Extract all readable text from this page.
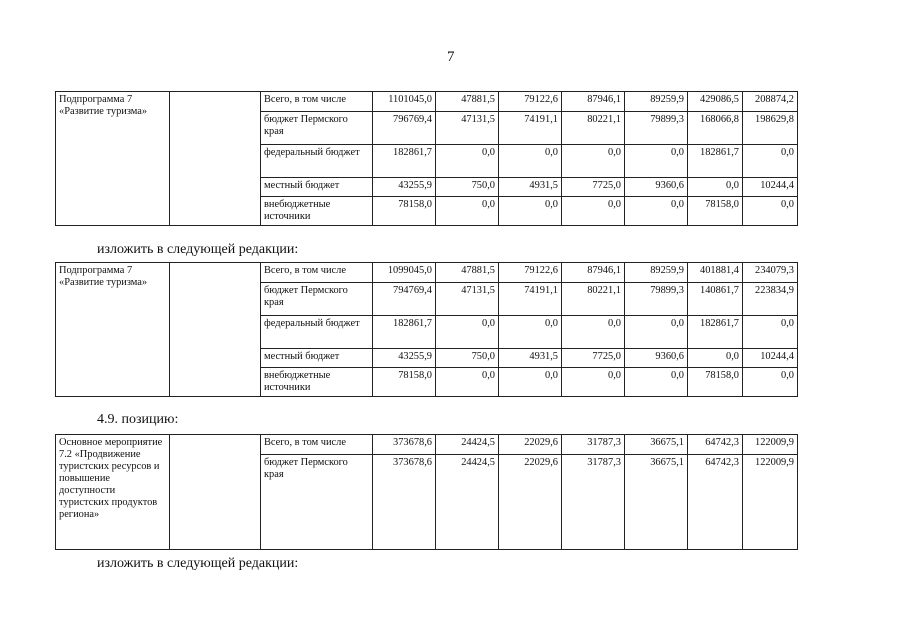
7
Подпрограмма 7
«Развитие туризма»		Всего, в том числе	1101045,0	47881,5	79122,6	87946,1	89259,9	429086,5	208874,2	
		бюджет Пермского края	796769,4	47131,5	74191,1	80221,1	79899,3	168066,8	198629,8	
		федеральный бюджет	182861,7	0,0	0,0	0,0	0,0	182861,7	0,0	
		местный бюджет	43255,9	750,0	4931,5	7725,0	9360,6	0,0	10244,4	
		внебюджетные источники	78158,0	0,0	0,0	0,0	0,0	78158,0	0,0	
Подпрограмма 7
«Развитие туризма»		Всего, в том числе	1099045,0	47881,5	79122,6	87946,1	89259,9	401881,4	234079,3	
		бюджет Пермского края	794769,4	47131,5	74191,1	80221,1	79899,3	140861,7	223834,9	
		федеральный бюджет	182861,7	0,0	0,0	0,0	0,0	182861,7	0,0	
		местный бюджет	43255,9	750,0	4931,5	7725,0	9360,6	0,0	10244,4	
		внебюджетные источники	78158,0	0,0	0,0	0,0	0,0	78158,0	0,0	
Основное мероприятие 7.2 «Продвижение туристских ресурсов и повышение доступности туристских продуктов региона»		Всего, в том числе	373678,6	24424,5	22029,6	31787,3	36675,1	64742,3	122009,9	
		бюджет Пермского края	373678,6	24424,5	22029,6	31787,3	36675,1	64742,3	122009,9	
изложить в следующей редакции:
4.9. позицию:
изложить в следующей редакции:
